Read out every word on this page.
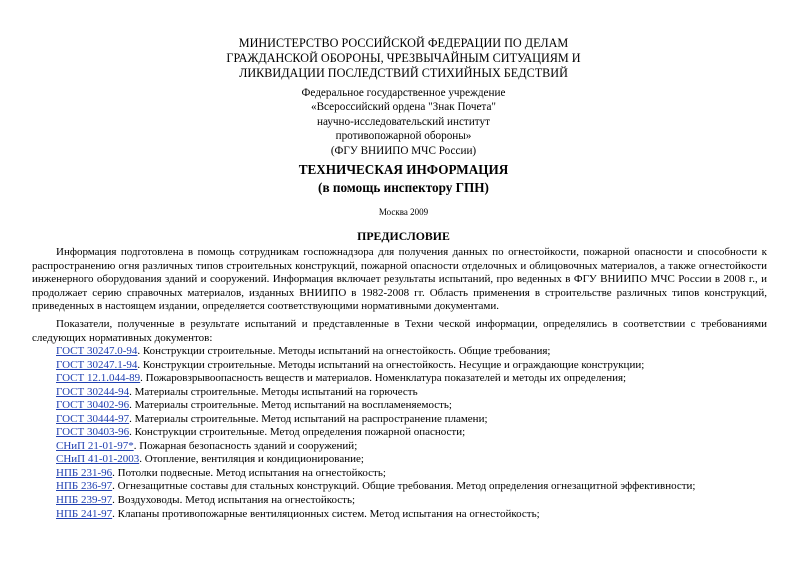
МИНИСТЕРСТВО РОССИЙСКОЙ ФЕДЕРАЦИИ ПО ДЕЛАМ
ГРАЖДАНСКОЙ ОБОРОНЫ, ЧРЕЗВЫЧАЙНЫМ СИТУАЦИЯМ И
ЛИКВИДАЦИИ ПОСЛЕДСТВИЙ СТИХИЙНЫХ БЕДСТВИЙ
Федеральное государственное учреждение
«Всероссийский ордена "Знак Почета"
научно-исследовательский институт
противопожарной обороны»
(ФГУ ВНИИПО МЧС России)
ТЕХНИЧЕСКАЯ ИНФОРМАЦИЯ
(в помощь инспектору ГПН)
Москва 2009
ПРЕДИСЛОВИЕ
Информация подготовлена в помощь сотрудникам госпожнадзора для получения данных по огнестойкости, пожарной опасности и способности к распространению огня различных типов строительных конструкций, пожарной опасности отделочных и облицовочных материалов, а также огнестойкости инженерного оборудования зданий и сооружений. Информация включает результаты испытаний, про веденных в ФГУ ВНИИПО МЧС России в 2008 г., и продолжает серию справочных материалов, изданных ВНИИПО в 1982-2008 гг. Область применения в строительстве различных типов конструкций, приведенных в настоящем издании, определяется соответствующими нормативными документами.
Показатели, полученные в результате испытаний и представленные в Техни ческой информации, определялись в соответствии с требованиями следующих нормативных документов:
ГОСТ 30247.0-94. Конструкции строительные. Методы испытаний на огнестойкость. Общие требования;
ГОСТ 30247.1-94. Конструкции строительные. Методы испытаний на огнестойкость. Несущие и ограждающие конструкции;
ГОСТ 12.1.044-89. Пожаровзрывоопасность веществ и материалов. Номенклатура показателей и методы их определения;
ГОСТ 30244-94. Материалы строительные. Методы испытаний на горючесть
ГОСТ 30402-96. Материалы строительные. Метод испытаний на воспламеняемость;
ГОСТ 30444-97. Материалы строительные. Метод испытаний на распространение пламени;
ГОСТ 30403-96. Конструкции строительные. Метод определения пожарной опасности;
СНиП 21-01-97*. Пожарная безопасность зданий и сооружений;
СНиП 41-01-2003. Отопление, вентиляция и кондиционирование;
НПБ 231-96. Потолки подвесные. Метод испытания на огнестойкость;
НПБ 236-97. Огнезащитные составы для стальных конструкций. Общие требования. Метод определения огнезащитной эффективности;
НПБ 239-97. Воздуховоды. Метод испытания на огнестойкость;
НПБ 241-97. Клапаны противопожарные вентиляционных систем. Метод испытания на огнестойкость;
